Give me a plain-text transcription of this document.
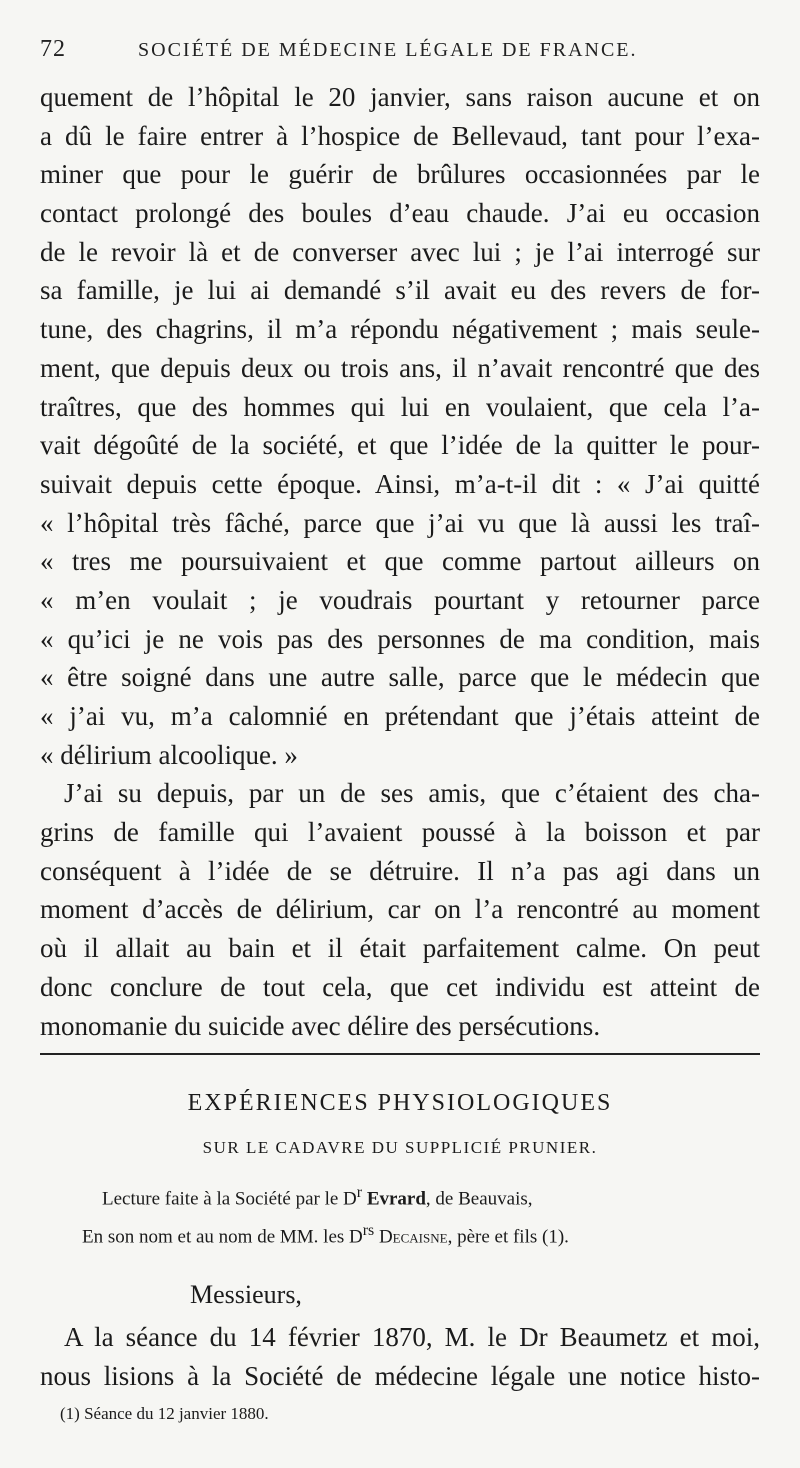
72	SOCIÉTÉ DE MÉDECINE LÉGALE DE FRANCE.
quement de l’hôpital le 20 janvier, sans raison aucune et on
a dû le faire entrer à l’hospice de Bellevaud, tant pour l’exa-
miner que pour le guérir de brûlures occasionnées par le
contact prolongé des boules d’eau chaude. J’ai eu occasion
de le revoir là et de converser avec lui ; je l’ai interrogé sur
sa famille, je lui ai demandé s’il avait eu des revers de for-
tune, des chagrins, il m’a répondu négativement ; mais seule-
ment, que depuis deux ou trois ans, il n’avait rencontré que des
traîtres, que des hommes qui lui en voulaient, que cela l’a-
vait dégoûté de la société, et que l’idée de la quitter le pour-
suivait depuis cette époque. Ainsi, m’a-t-il dit : « J’ai quitté
« l’hôpital très fâché, parce que j’ai vu que là aussi les traî-
« tres me poursuivaient et que comme partout ailleurs on
« m’en voulait ; je voudrais pourtant y retourner parce
« qu’ici je ne vois pas des personnes de ma condition, mais
« être soigné dans une autre salle, parce que le médecin que
« j’ai vu, m’a calomnié en prétendant que j’étais atteint de
« délirium alcoolique. »
J’ai su depuis, par un de ses amis, que c’étaient des cha-
grins de famille qui l’avaient poussé à la boisson et par
conséquent à l’idée de se détruire. Il n’a pas agi dans un
moment d’accès de délirium, car on l’a rencontré au moment
où il allait au bain et il était parfaitement calme. On peut
donc conclure de tout cela, que cet individu est atteint de
monomanie du suicide avec délire des persécutions.
EXPÉRIENCES PHYSIOLOGIQUES
SUR LE CADAVRE DU SUPPLICIÉ PRUNIER.
Lecture faite à la Société par le $D^r$ Evrard, de Beauvais,
En son nom et au nom de MM. les $D^{rs}$ Decaisne, père et fils (1).
Messieurs,
A la séance du 14 février 1870, M. le Dr Beaumetz et moi,
nous lisions à la Société de médecine légale une notice histo-
(1) Séance du 12 janvier 1880.
